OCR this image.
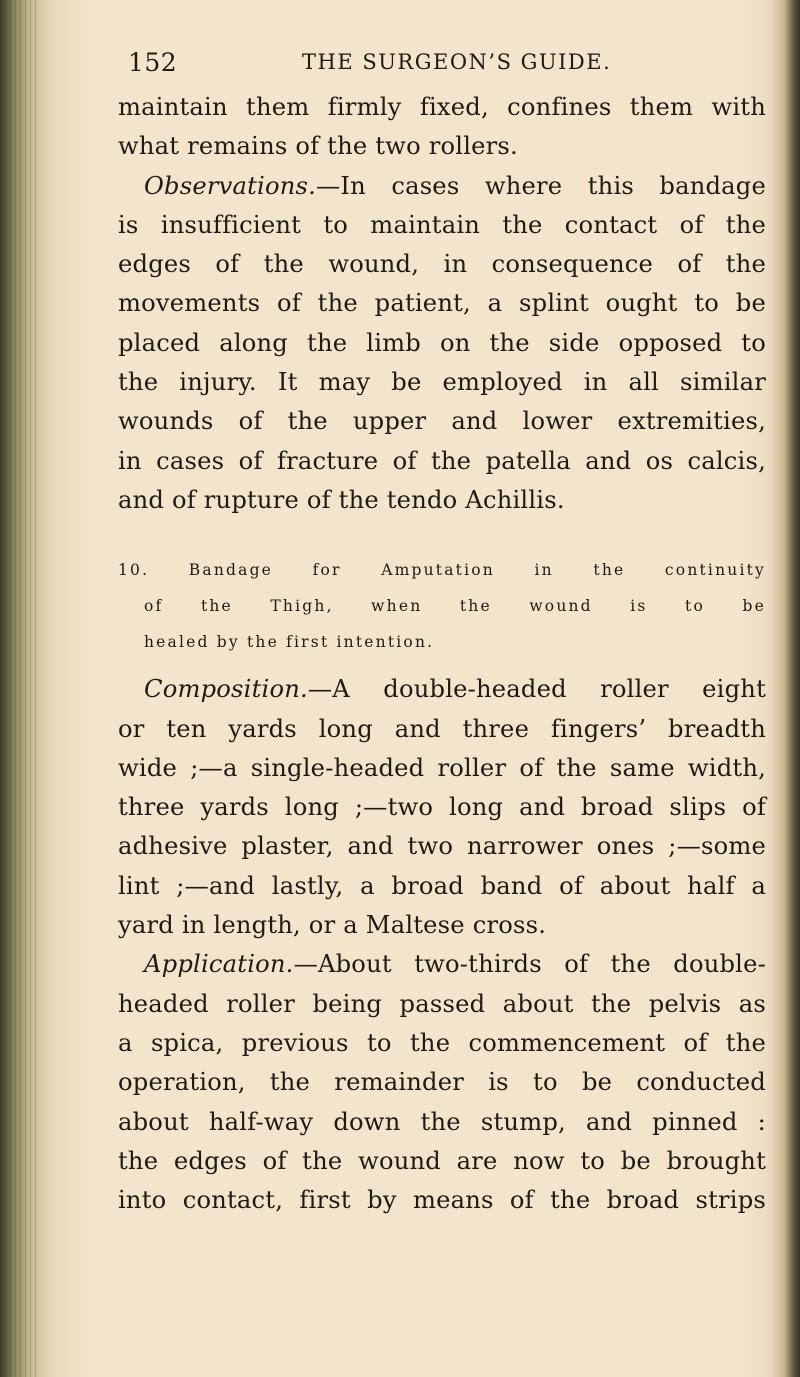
152	THE SURGEON’S GUIDE.

maintain them firmly fixed, confines them with
what remains of the two rollers.

Observations.—In cases where this bandage
is insufficient to maintain the contact of the
edges of the wound, in consequence of the
movements of the patient, a splint ought to be
placed along the limb on the side opposed to
the injury. It may be employed in all similar
wounds of the upper and lower extremities,
in cases of fracture of the patella and os calcis,
and of rupture of the tendo Achillis.

10. Bandage for Amputation in the continuity
of the Thigh, when the wound is to be
healed by the first intention.

Composition.—A double-headed roller eight
or ten yards long and three fingers’ breadth
wide ;—a single-headed roller of the same width,
three yards long ;—two long and broad slips of
adhesive plaster, and two narrower ones ;—some
lint ;—and lastly, a broad band of about half a
yard in length, or a Maltese cross.

Application.—About two-thirds of the double-
headed roller being passed about the pelvis as
a spica, previous to the commencement of the
operation, the remainder is to be conducted
about half-way down the stump, and pinned :
the edges of the wound are now to be brought
into contact, first by means of the broad strips
